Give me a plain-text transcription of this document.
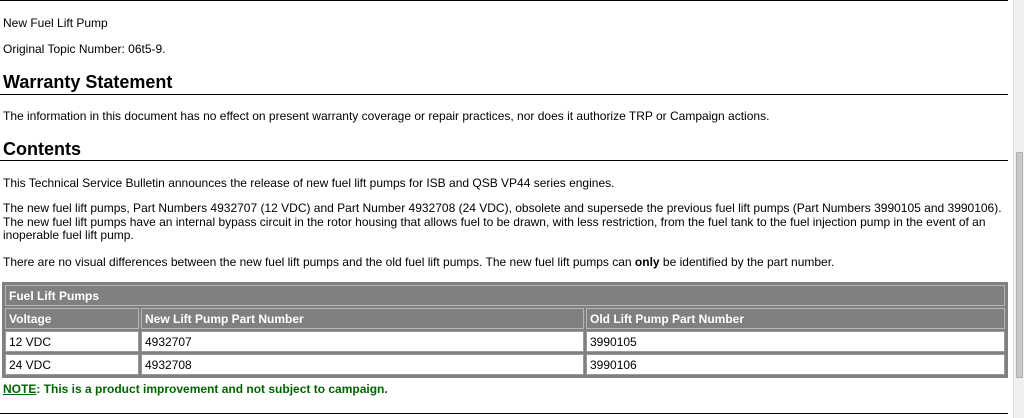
New Fuel Lift Pump

Original Topic Number: 06t5-9.

Warranty Statement

The information in this document has no effect on present warranty coverage or repair practices, nor does it authorize TRP or Campaign actions.

Contents

This Technical Service Bulletin announces the release of new fuel lift pumps for ISB and QSB VP44 series engines.

The new fuel lift pumps, Part Numbers 4932707 (12 VDC) and Part Number 4932708 (24 VDC), obsolete and supersede the previous fuel lift pumps (Part Numbers 3990105 and 3990106). The new fuel lift pumps have an internal bypass circuit in the rotor housing that allows fuel to be drawn, with less restriction, from the fuel tank to the fuel injection pump in the event of an inoperable fuel lift pump.

There are no visual differences between the new fuel lift pumps and the old fuel lift pumps. The new fuel lift pumps can only be identified by the part number.

Fuel Lift Pumps		
Voltage	New Lift Pump Part Number	Old Lift Pump Part Number
12 VDC	4932707	3990105
24 VDC	4932708	3990106

NOTE: This is a product improvement and not subject to campaign.
